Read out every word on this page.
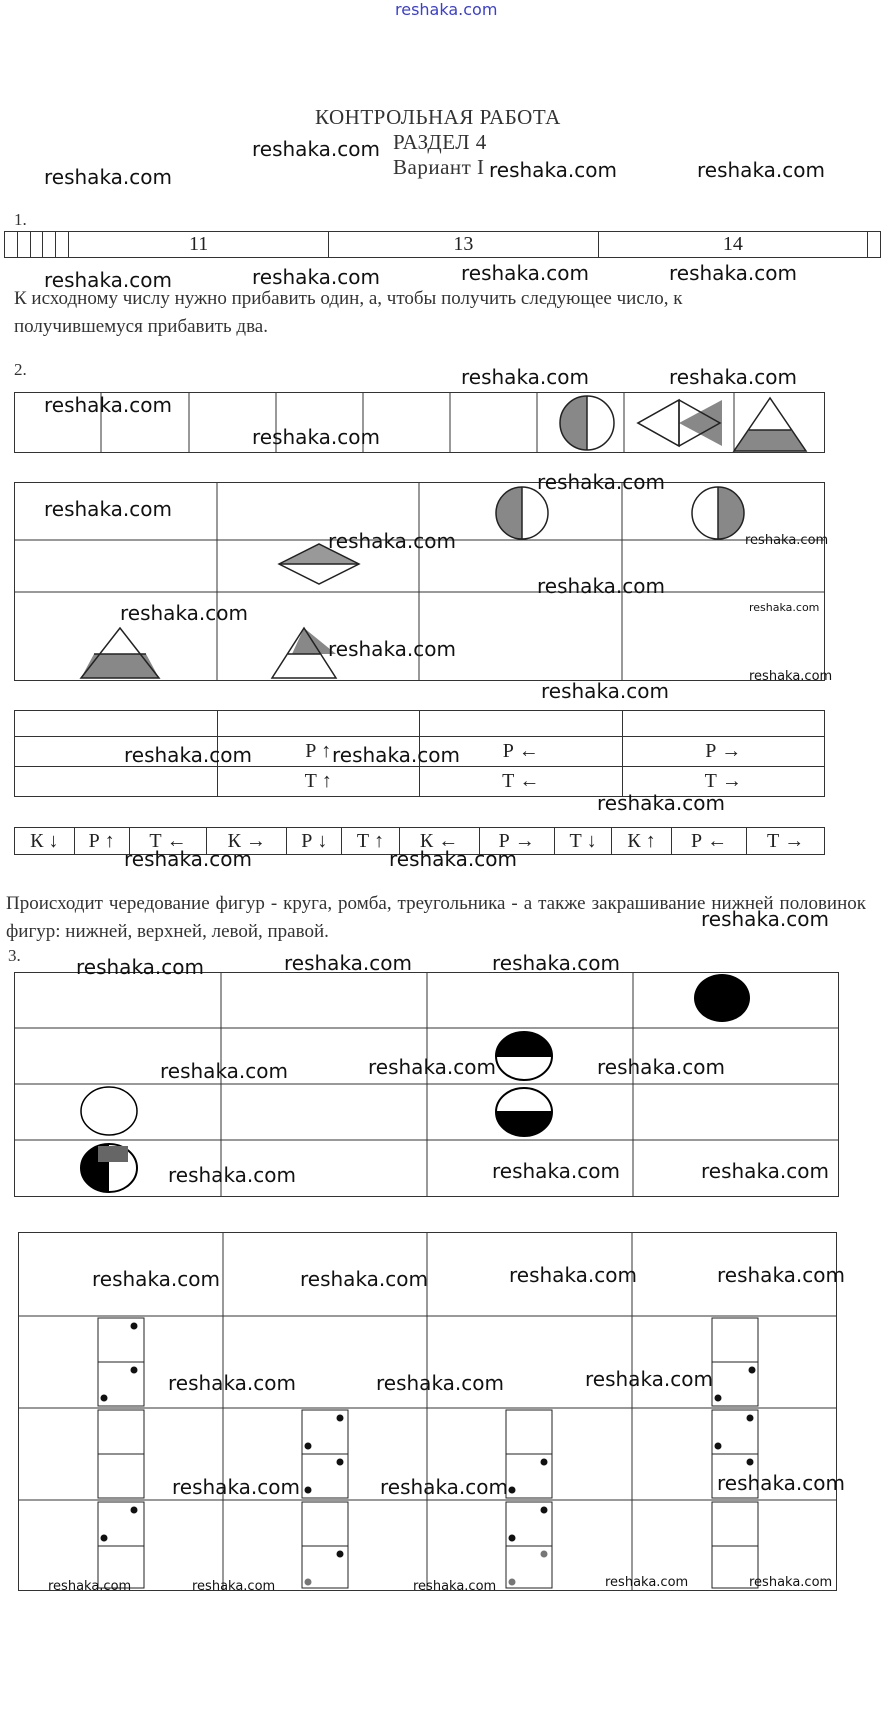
reshaka.com
КОНТРОЛЬНАЯ РАБОТА
РАЗДЕЛ 4
Вариант I
1.
					11	13	14	
К исходному числу нужно прибавить один, а, чтобы получить следующее число, к получившемуся прибавить два.
2.

	Р ↑	Р ←	Р →
	Т ↑	Т ←	Т →
К ↓	Р ↑	Т ←	К →	Р ↓	Т ↑	К ←	Р →	Т ↓	К ↑	Р ←	Т →
Происходит чередование фигур - круга, ромба, треугольника - а также закрашивание нижней половинок фигур: нижней, верхней, левой, правой.
3.
reshaka.com
reshaka.com	reshaka.com	reshaka.com
reshaka.com	reshaka.com	reshaka.com	reshaka.com
reshaka.com	reshaka.com
reshaka.com
reshaka.com
reshaka.com
reshaka.com
reshaka.com
reshaka.com
reshaka.com
reshaka.com
reshaka.com
reshaka.com	reshaka.com
reshaka.com
reshaka.com	reshaka.com
reshaka.com
reshaka.com	reshaka.com	reshaka.com
reshaka.com	reshaka.com	reshaka.com
reshaka.com	reshaka.com	reshaka.com
reshaka.com	reshaka.com	reshaka.com	reshaka.com
reshaka.com	reshaka.com	reshaka.com
reshaka.com	reshaka.com	reshaka.com
reshaka.com
reshaka.com
reshaka.com
reshaka.com	reshaka.com	reshaka.com	reshaka.com	reshaka.com
